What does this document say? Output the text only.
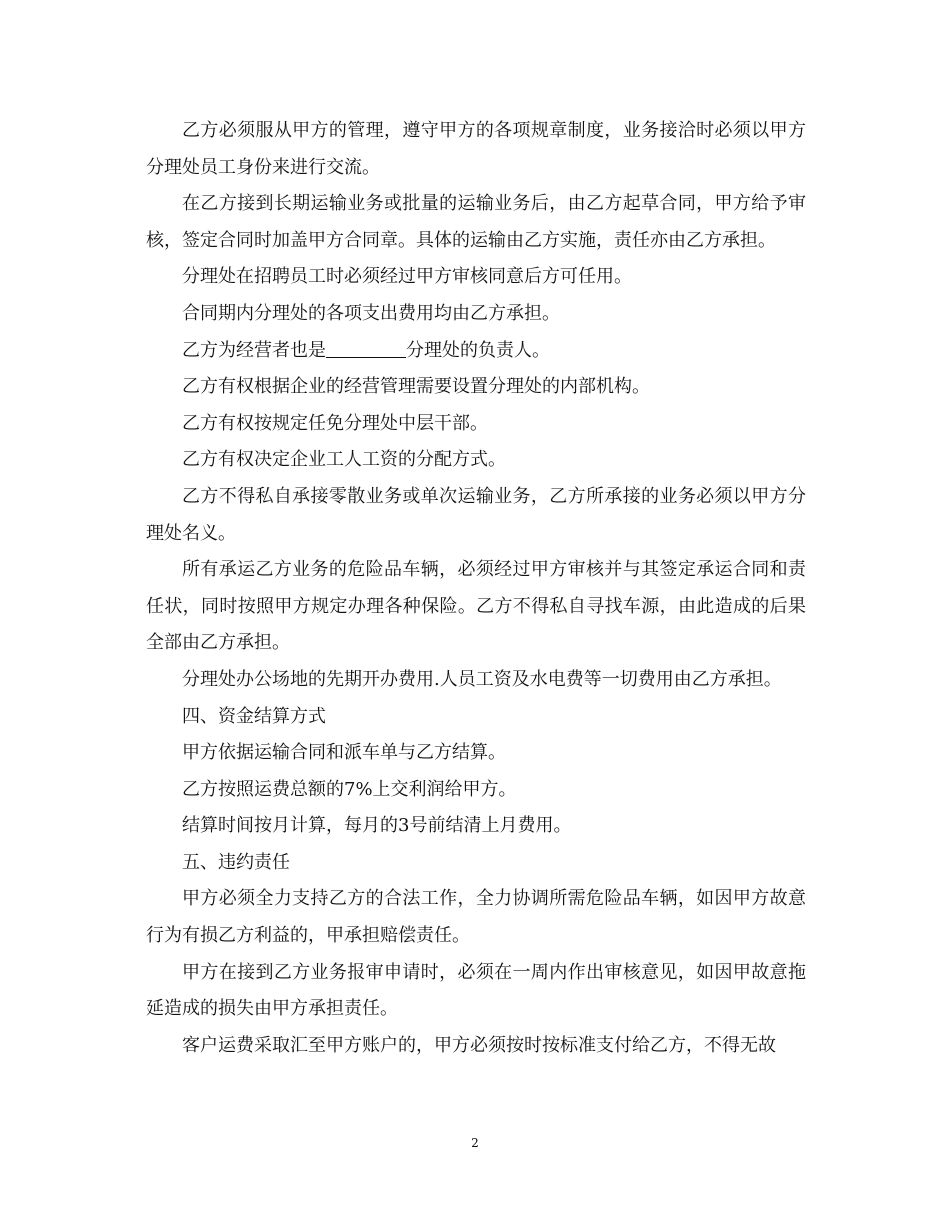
乙方必须服从甲方的管理，遵守甲方的各项规章制度，业务接洽时必须以甲方分理处员工身份来进行交流。

在乙方接到长期运输业务或批量的运输业务后，由乙方起草合同，甲方给予审核，签定合同时加盖甲方合同章。具体的运输由乙方实施，责任亦由乙方承担。

分理处在招聘员工时必须经过甲方审核同意后方可任用。

合同期内分理处的各项支出费用均由乙方承担。

乙方为经营者也是	分理处的负责人。

乙方有权根据企业的经营管理需要设置分理处的内部机构。

乙方有权按规定任免分理处中层干部。

乙方有权决定企业工人工资的分配方式。

乙方不得私自承接零散业务或单次运输业务，乙方所承接的业务必须以甲方分理处名义。

所有承运乙方业务的危险品车辆，必须经过甲方审核并与其签定承运合同和责任状，同时按照甲方规定办理各种保险。乙方不得私自寻找车源，由此造成的后果全部由乙方承担。

分理处办公场地的先期开办费用.人员工资及水电费等一切费用由乙方承担。

四、资金结算方式

甲方依据运输合同和派车单与乙方结算。

乙方按照运费总额的7%上交利润给甲方。

结算时间按月计算，每月的3号前结清上月费用。

五、违约责任

甲方必须全力支持乙方的合法工作，全力协调所需危险品车辆，如因甲方故意行为有损乙方利益的，甲承担赔偿责任。

甲方在接到乙方业务报审申请时，必须在一周内作出审核意见，如因甲故意拖延造成的损失由甲方承担责任。

客户运费采取汇至甲方账户的，甲方必须按时按标准支付给乙方，不得无故

2
